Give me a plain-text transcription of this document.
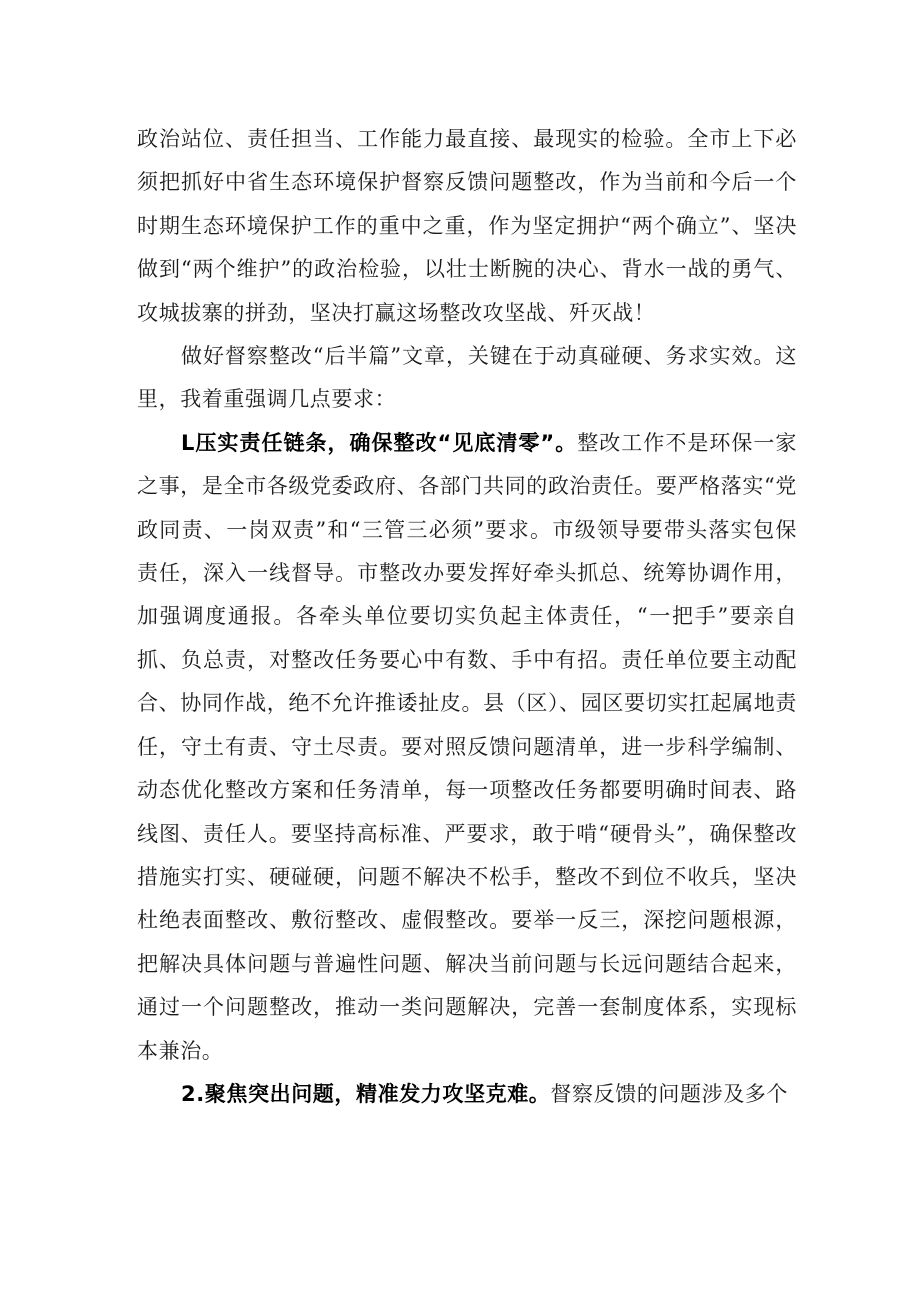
政治站位、责任担当、工作能力最直接、最现实的检验。全市上下必须把抓好中省生态环境保护督察反馈问题整改，作为当前和今后一个时期生态环境保护工作的重中之重，作为坚定拥护“两个确立”、坚决做到“两个维护”的政治检验，以壮士断腕的决心、背水一战的勇气、攻城拔寨的拼劲，坚决打赢这场整改攻坚战、歼灭战！

做好督察整改“后半篇”文章，关键在于动真碰硬、务求实效。这里，我着重强调几点要求：

L压实责任链条，确保整改“见底清零”。整改工作不是环保一家之事，是全市各级党委政府、各部门共同的政治责任。要严格落实“党政同责、一岗双责”和“三管三必须”要求。市级领导要带头落实包保责任，深入一线督导。市整改办要发挥好牵头抓总、统筹协调作用，加强调度通报。各牵头单位要切实负起主体责任，“一把手”要亲自抓、负总责，对整改任务要心中有数、手中有招。责任单位要主动配合、协同作战，绝不允许推诿扯皮。县（区）、园区要切实扛起属地责任，守土有责、守土尽责。要对照反馈问题清单，进一步科学编制、动态优化整改方案和任务清单，每一项整改任务都要明确时间表、路线图、责任人。要坚持高标准、严要求，敢于啃“硬骨头”，确保整改措施实打实、硬碰硬，问题不解决不松手，整改不到位不收兵，坚决杜绝表面整改、敷衍整改、虚假整改。要举一反三，深挖问题根源，把解决具体问题与普遍性问题、解决当前问题与长远问题结合起来，通过一个问题整改，推动一类问题解决，完善一套制度体系，实现标本兼治。

2.聚焦突出问题，精准发力攻坚克难。督察反馈的问题涉及多个
